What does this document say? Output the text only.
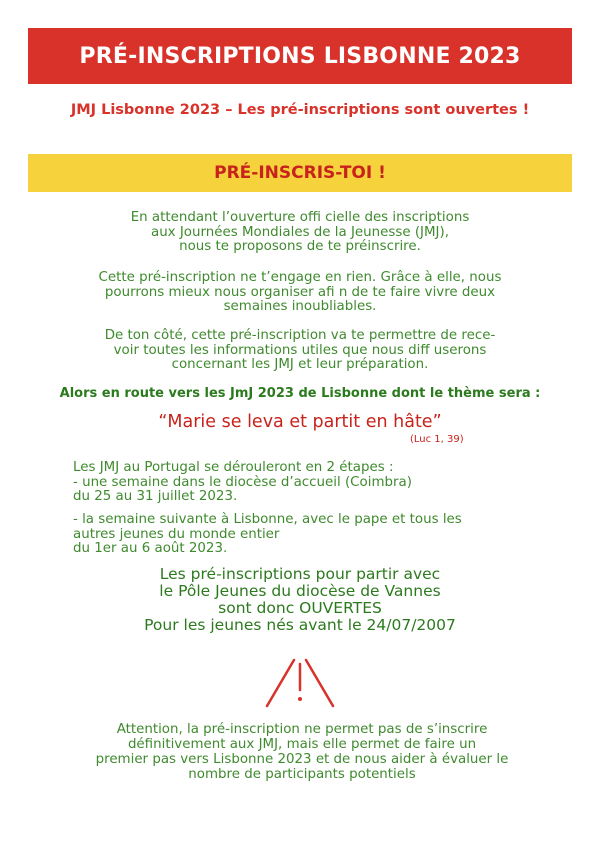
PRÉ-INSCRIPTIONS LISBONNE 2023
JMJ Lisbonne 2023 – Les pré-inscriptions sont ouvertes !
PRÉ-INSCRIS-TOI !
En attendant l’ouverture offi cielle des inscriptions
aux Journées Mondiales de la Jeunesse (JMJ),
nous te proposons de te préinscrire.
Cette pré-inscription ne t’engage en rien. Grâce à elle, nous
pourrons mieux nous organiser afi n de te faire vivre deux
semaines inoubliables.
De ton côté, cette pré-inscription va te permettre de rece-
voir toutes les informations utiles que nous diff userons
concernant les JMJ et leur préparation.
Alors en route vers les JmJ 2023 de Lisbonne dont le thème sera :
“Marie se leva et partit en hâte”
(Luc 1, 39)
Les JMJ au Portugal se dérouleront en 2 étapes :
- une semaine dans le diocèse d’accueil (Coimbra)
du 25 au 31 juillet 2023.
- la semaine suivante à Lisbonne, avec le pape et tous les
autres jeunes du monde entier
du 1er au 6 août 2023.
Les pré-inscriptions pour partir avec
le Pôle Jeunes du diocèse de Vannes
sont donc OUVERTES
Pour les jeunes nés avant le 24/07/2007
Attention, la pré-inscription ne permet pas de s’inscrire
définitivement aux JMJ, mais elle permet de faire un
premier pas vers Lisbonne 2023 et de nous aider à évaluer le
nombre de participants potentiels
